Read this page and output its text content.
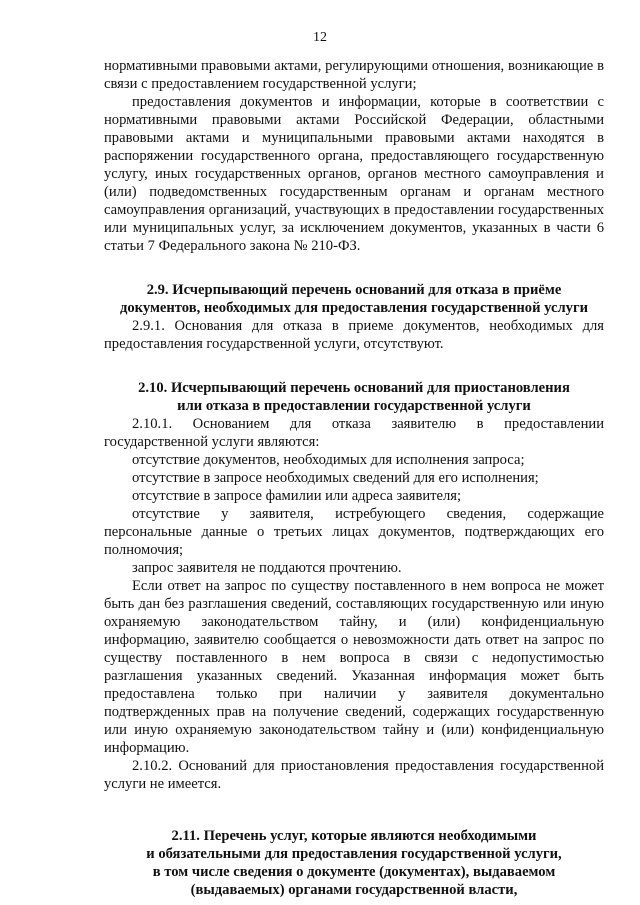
12

нормативными правовыми актами, регулирующими отношения, возникающие в связи с предоставлением государственной услуги;

предоставления документов и информации, которые в соответствии с нормативными правовыми актами Российской Федерации, областными правовыми актами и муниципальными правовыми актами находятся в распоряжении государственного органа, предоставляющего государственную услугу, иных государственных органов, органов местного самоуправления и (или) подведомственных государственным органам и органам местного самоуправления организаций, участвующих в предоставлении государственных или муниципальных услуг, за исключением документов, указанных в части 6 статьи 7 Федерального закона № 210-ФЗ.

2.9. Исчерпывающий перечень оснований для отказа в приёме

документов, необходимых для предоставления государственной услуги

2.9.1. Основания для отказа в приеме документов, необходимых для предоставления государственной услуги, отсутствуют.

2.10. Исчерпывающий перечень оснований для приостановления

или отказа в предоставлении государственной услуги

2.10.1. Основанием для отказа заявителю в предоставлении государственной услуги являются:

отсутствие документов, необходимых для исполнения запроса;

отсутствие в запросе необходимых сведений для его исполнения;

отсутствие в запросе фамилии или адреса заявителя;

отсутствие у заявителя, истребующего сведения, содержащие персональные данные о третьих лицах документов, подтверждающих его полномочия;

запрос заявителя не поддаются прочтению.

Если ответ на запрос по существу поставленного в нем вопроса не может быть дан без разглашения сведений, составляющих государственную или иную охраняемую законодательством тайну, и (или) конфиденциальную информацию, заявителю сообщается о невозможности дать ответ на запрос по существу поставленного в нем вопроса в связи с недопустимостью разглашения указанных сведений. Указанная информация может быть предоставлена только при наличии у заявителя документально подтвержденных прав на получение сведений, содержащих государственную или иную охраняемую законодательством тайну и (или) конфиденциальную информацию.

2.10.2. Оснований для приостановления предоставления государственной услуги не имеется.

2.11. Перечень услуг, которые являются необходимыми

и обязательными для предоставления государственной услуги,

в том числе сведения о документе (документах), выдаваемом

(выдаваемых) органами государственной власти,
